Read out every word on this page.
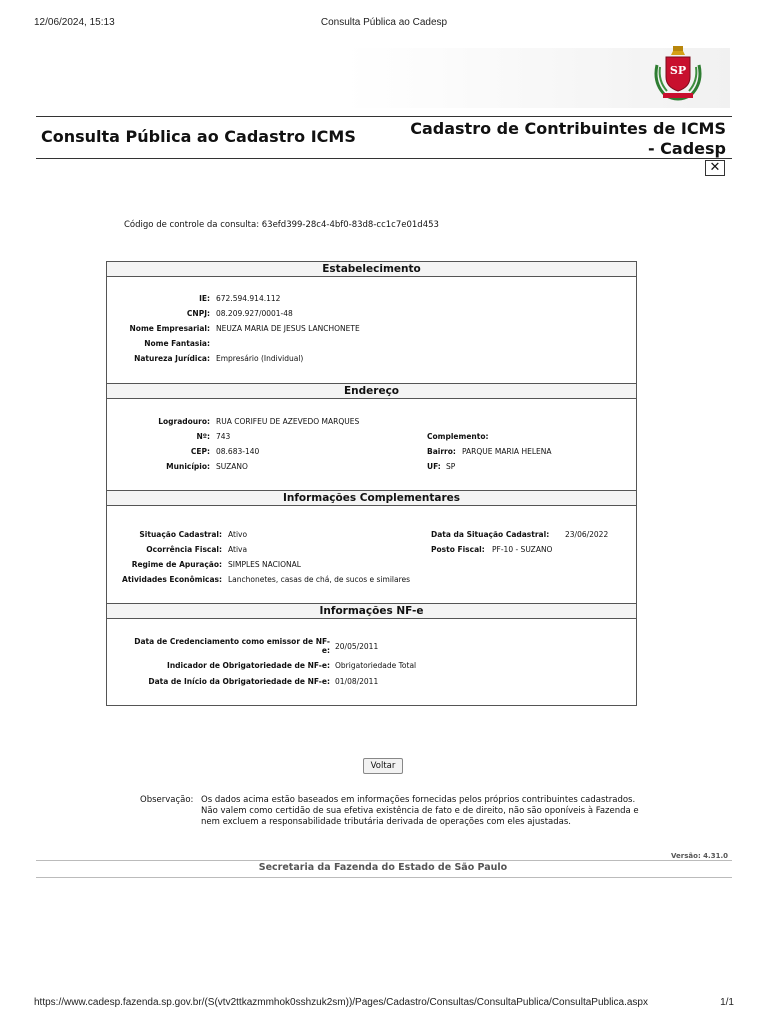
12/06/2024, 15:13	Consulta Pública ao Cadesp
SP
Consulta Pública ao Cadastro ICMS	Cadastro de Contribuintes de ICMS
- Cadesp
✕
Código de controle da consulta: 63efd399-28c4-4bf0-83d8-cc1c7e01d453
Estabelecimento
IE: 672.594.914.112
CNPJ: 08.209.927/0001-48
Nome Empresarial: NEUZA MARIA DE JESUS LANCHONETE
Nome Fantasia:
Natureza Jurídica: Empresário (Individual)
Endereço
Logradouro: RUA CORIFEU DE AZEVEDO MARQUES
Nº: 743
CEP: 08.683-140
Município: SUZANO
Complemento:
Bairro: PARQUE MARIA HELENA
UF: SP
Informações Complementares
Situação Cadastral: Ativo
Ocorrência Fiscal: Ativa
Regime de Apuração: SIMPLES NACIONAL
Atividades Econômicas: Lanchonetes, casas de chá, de sucos e similares
Data da Situação Cadastral: 23/06/2022
Posto Fiscal: PF-10 - SUZANO
Informações NF-e
Data de Credenciamento como emissor de NF-
e: 20/05/2011
Indicador de Obrigatoriedade de NF-e: Obrigatoriedade Total
Data de Início da Obrigatoriedade de NF-e: 01/08/2011
Voltar
Observação: Os dados acima estão baseados em informações fornecidas pelos próprios contribuintes cadastrados. Não valem como certidão de sua efetiva existência de fato e de direito, não são oponíveis à Fazenda e nem excluem a responsabilidade tributária derivada de operações com eles ajustadas.
Versão: 4.31.0
Secretaria da Fazenda do Estado de São Paulo
https://www.cadesp.fazenda.sp.gov.br/(S(vtv2ttkazmmhok0sshzuk2sm))/Pages/Cadastro/Consultas/ConsultaPublica/ConsultaPublica.aspx	1/1
